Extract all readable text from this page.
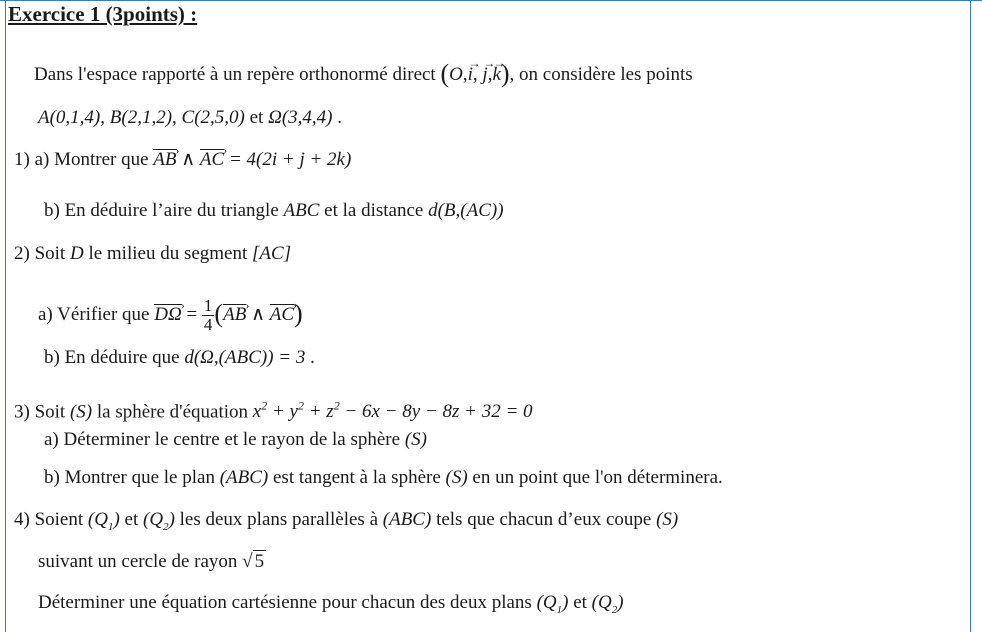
Exercice 1 (3points) :
Dans l'espace rapporté à un repère orthonormé direct (O,i →, j →,k →), on considère les points
A(0,1,4), B(2,1,2), C(2,5,0) et Ω(3,4,4) .
1) a) Montrer que AB › ∧ AC › = 4(2i + j + 2k)
b) En déduire l’aire du triangle ABC et la distance d(B,(AC))
2) Soit D le milieu du segment [AC]
a) Vérifier que DΩ › = $\frac{1}{4} (AB$ › ∧ AC ›)
b) En déduire que d(Ω,(ABC)) = 3 .
3) Soit (S) la sphère d'équation $x^2 + y^2 + z^2 - 6x - 8y - 8z + 32 = 0$
a) Déterminer le centre et le rayon de la sphère (S)
b) Montrer que le plan (ABC) est tangent à la sphère (S) en un point que l'on déterminera.
4) Soient $(Q_1)$ et $(Q_2)$ les deux plans parallèles à (ABC) tels que chacun d’eux coupe (S)
suivant un cercle de rayon √ 5
Déterminer une équation cartésienne pour chacun des deux plans $(Q_1)$ et $(Q_2)$
